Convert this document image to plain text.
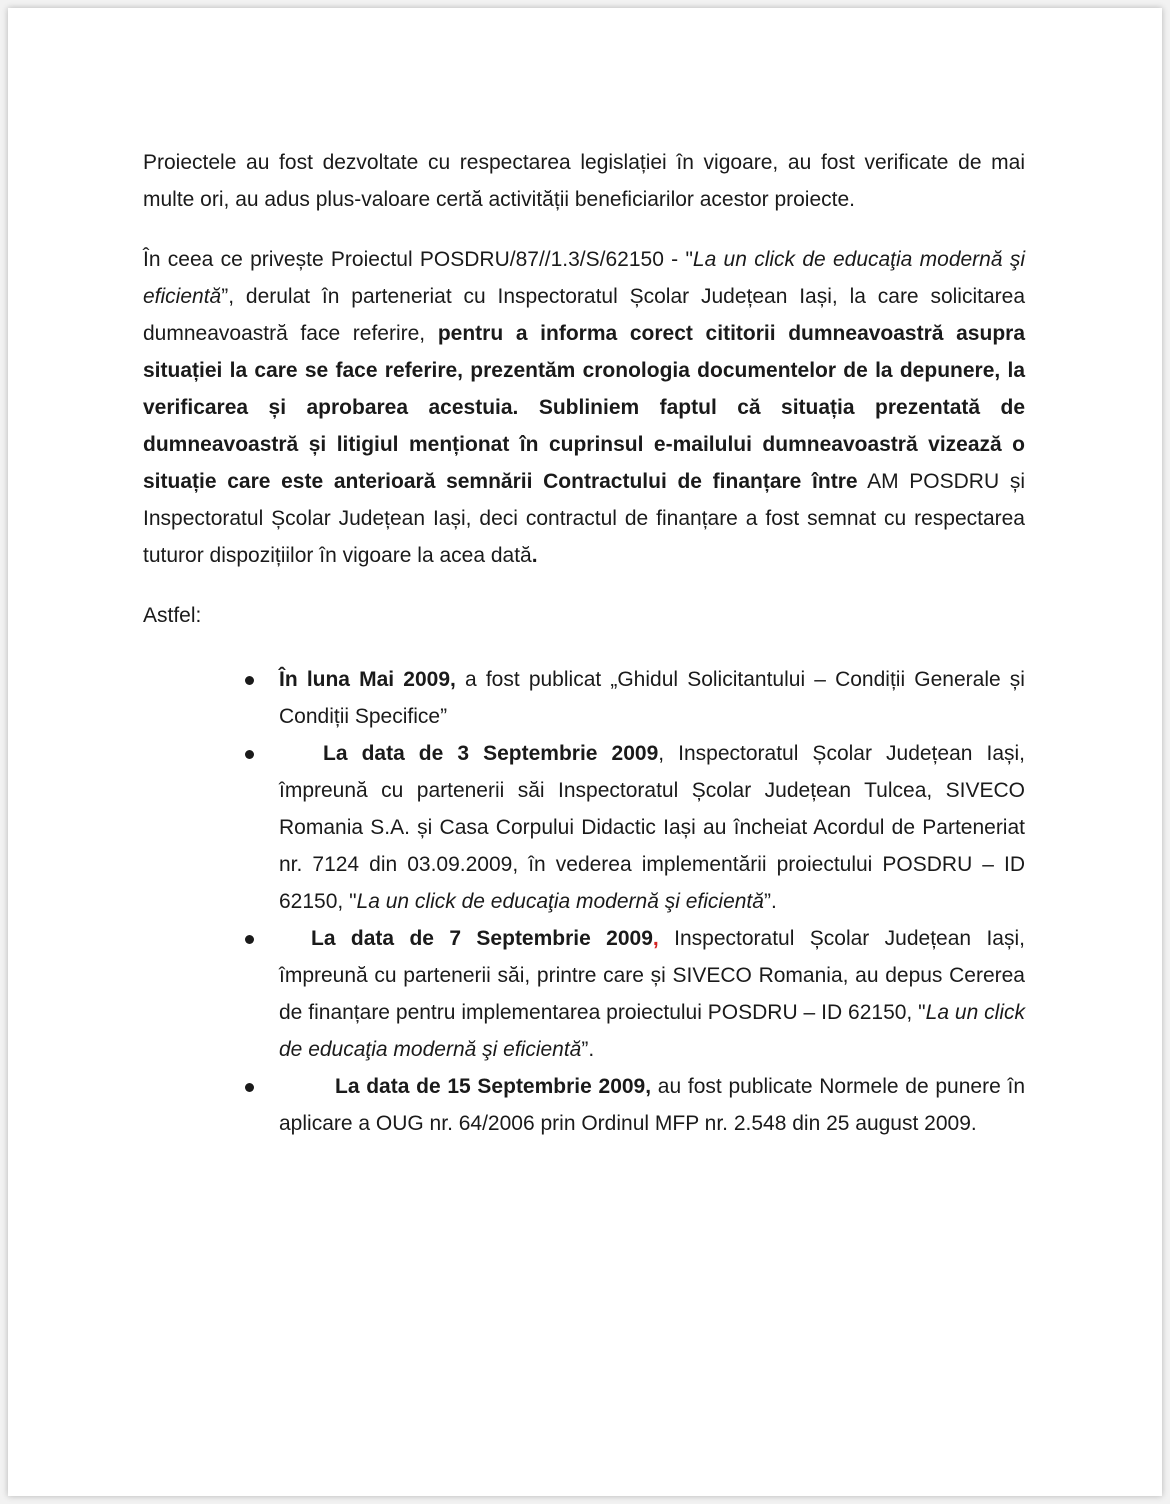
Proiectele au fost dezvoltate cu respectarea legislației în vigoare, au fost verificate de mai multe ori, au adus plus-valoare certă activității beneficiarilor acestor proiecte.

În ceea ce privește Proiectul POSDRU/87//1.3/S/62150 - "La un click de educaţia modernă şi eficientă”, derulat în parteneriat cu Inspectoratul Școlar Județean Iași, la care solicitarea dumneavoastră face referire, pentru a informa corect cititorii dumneavoastră asupra situației la care se face referire, prezentăm cronologia documentelor de la depunere, la verificarea și aprobarea acestuia. Subliniem faptul că situația prezentată de dumneavoastră și litigiul menționat în cuprinsul e-mailului dumneavoastră vizează o situație care este anterioară semnării Contractului de finanțare între AM POSDRU și Inspectoratul Școlar Județean Iași, deci contractul de finanțare a fost semnat cu respectarea tuturor dispozițiilor în vigoare la acea dată.

Astfel:

În luna Mai 2009, a fost publicat „Ghidul Solicitantului – Condiții Generale și Condiții Specifice”
La data de 3 Septembrie 2009, Inspectoratul Școlar Județean Iași, împreună cu partenerii săi Inspectoratul Școlar Județean Tulcea, SIVECO Romania S.A. și Casa Corpului Didactic Iași au încheiat Acordul de Parteneriat nr. 7124 din 03.09.2009, în vederea implementării proiectului POSDRU – ID 62150, "La un click de educaţia modernă şi eficientă”.
La data de 7 Septembrie 2009, Inspectoratul Școlar Județean Iași, împreună cu partenerii săi, printre care și SIVECO Romania, au depus Cererea de finanțare pentru implementarea proiectului POSDRU – ID 62150, "La un click de educaţia modernă şi eficientă”.
La data de 15 Septembrie 2009, au fost publicate Normele de punere în aplicare a OUG nr. 64/2006 prin Ordinul MFP nr. 2.548 din 25 august 2009.
